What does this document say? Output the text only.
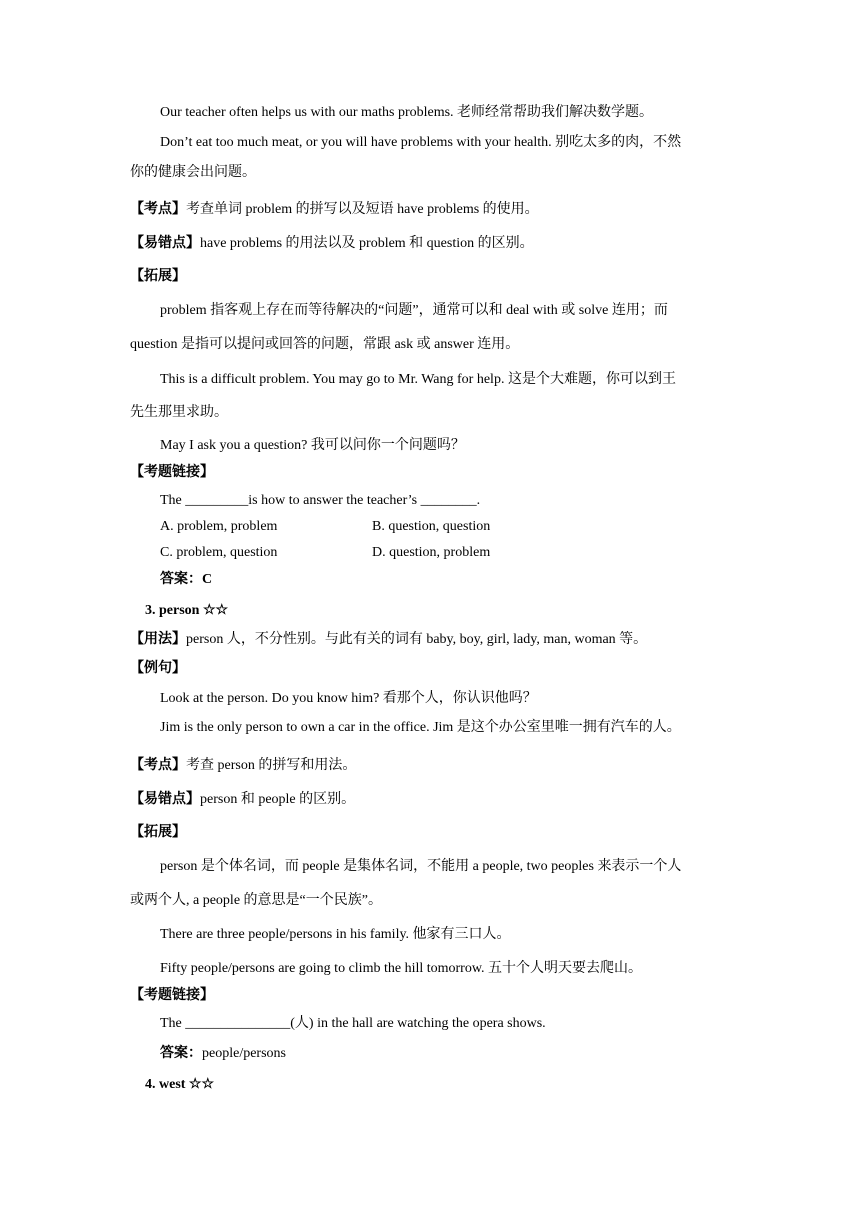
Our teacher often helps us with our maths problems. 老师经常帮助我们解决数学题。
Don’t eat too much meat, or you will have problems with your health. 别吃太多的肉，不然
你的健康会出问题。
【考点】考查单词 problem 的拼写以及短语 have problems 的使用。
【易错点】have problems 的用法以及 problem 和 question 的区别。
【拓展】
problem 指客观上存在而等待解决的“问题”，通常可以和 deal with 或 solve 连用；而
question 是指可以提问或回答的问题，常跟 ask 或 answer 连用。
This is a difficult problem. You may go to Mr. Wang for help. 这是个大难题，你可以到王
先生那里求助。
May I ask you a question? 我可以问你一个问题吗？
【考题链接】
The _________is how to answer the teacher’s ________.
A. problem, problem	B. question, question
C. problem, question	D. question, problem
答案：C
3. person ☆☆
【用法】person 人，不分性别。与此有关的词有 baby, boy, girl, lady, man, woman 等。
【例句】
Look at the person. Do you know him? 看那个人，你认识他吗？
Jim is the only person to own a car in the office. Jim 是这个办公室里唯一拥有汽车的人。
【考点】考查 person 的拼写和用法。
【易错点】person 和 people 的区别。
【拓展】
person 是个体名词，而 people 是集体名词，不能用 a people, two peoples 来表示一个人
或两个人, a people 的意思是“一个民族”。
There are three people/persons in his family. 他家有三口人。
Fifty people/persons are going to climb the hill tomorrow. 五十个人明天要去爬山。
【考题链接】
The _______________(人) in the hall are watching the opera shows.
答案：people/persons
4. west ☆☆
